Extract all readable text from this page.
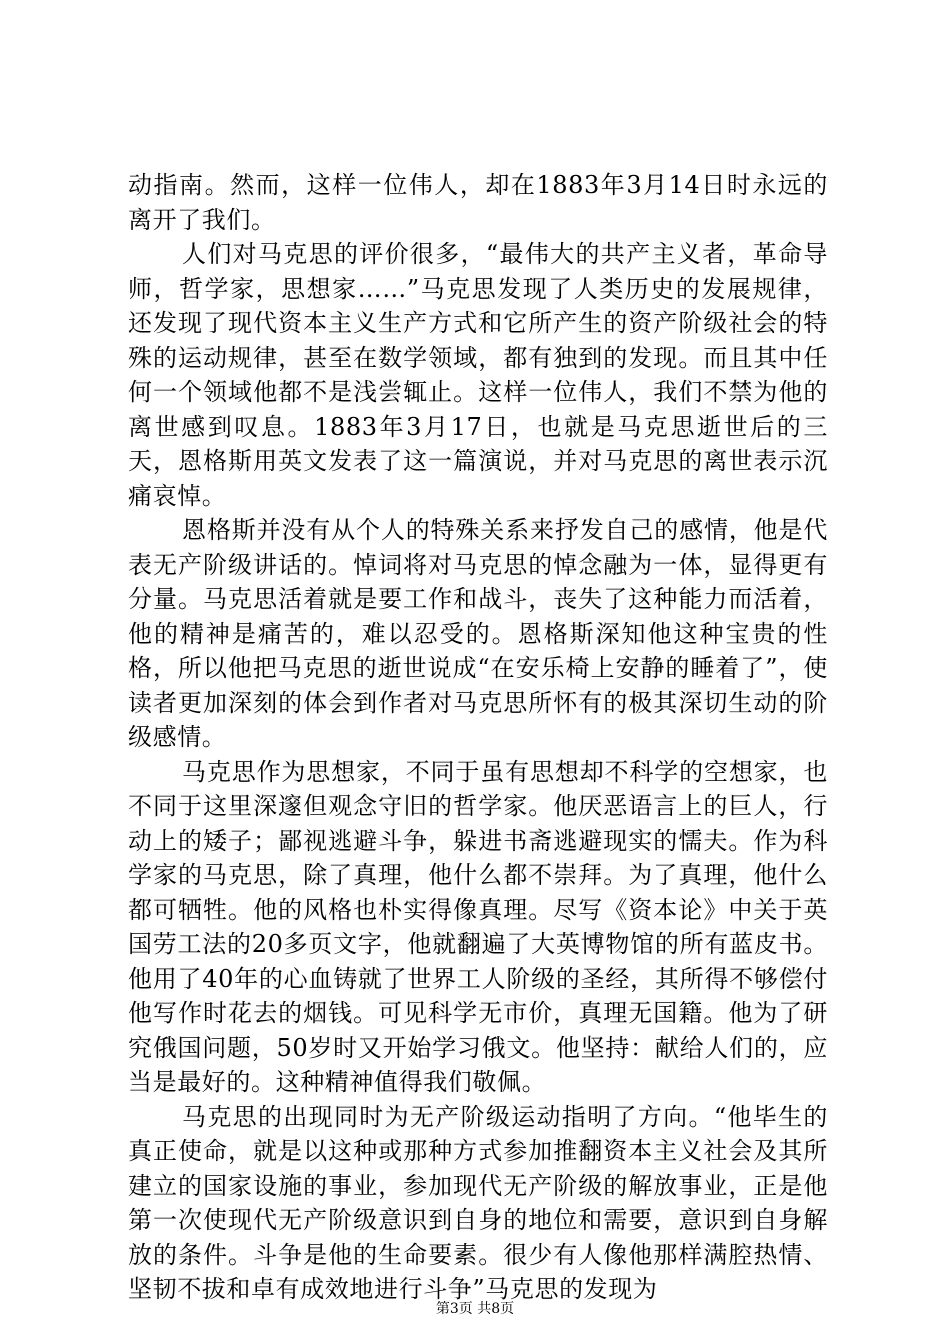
动指南。然而，这样一位伟人，却在1883年3月14日时永远的离开了我们。

人们对马克思的评价很多，“最伟大的共产主义者，革命导师，哲学家，思想家……”马克思发现了人类历史的发展规律，还发现了现代资本主义生产方式和它所产生的资产阶级社会的特殊的运动规律，甚至在数学领域，都有独到的发现。而且其中任何一个领域他都不是浅尝辄止。这样一位伟人，我们不禁为他的离世感到叹息。1883年3月17日，也就是马克思逝世后的三天，恩格斯用英文发表了这一篇演说，并对马克思的离世表示沉痛哀悼。

恩格斯并没有从个人的特殊关系来抒发自己的感情，他是代表无产阶级讲话的。悼词将对马克思的悼念融为一体，显得更有分量。马克思活着就是要工作和战斗，丧失了这种能力而活着，他的精神是痛苦的，难以忍受的。恩格斯深知他这种宝贵的性格，所以他把马克思的逝世说成“在安乐椅上安静的睡着了”，使读者更加深刻的体会到作者对马克思所怀有的极其深切生动的阶级感情。

马克思作为思想家，不同于虽有思想却不科学的空想家，也不同于这里深邃但观念守旧的哲学家。他厌恶语言上的巨人，行动上的矮子；鄙视逃避斗争，躲进书斋逃避现实的懦夫。作为科学家的马克思，除了真理，他什么都不崇拜。为了真理，他什么都可牺牲。他的风格也朴实得像真理。尽写《资本论》中关于英国劳工法的20多页文字，他就翻遍了大英博物馆的所有蓝皮书。他用了40年的心血铸就了世界工人阶级的圣经，其所得不够偿付他写作时花去的烟钱。可见科学无市价，真理无国籍。他为了研究俄国问题，50岁时又开始学习俄文。他坚持：献给人们的，应当是最好的。这种精神值得我们敬佩。

马克思的出现同时为无产阶级运动指明了方向。“他毕生的真正使命，就是以这种或那种方式参加推翻资本主义社会及其所建立的国家设施的事业，参加现代无产阶级的解放事业，正是他第一次使现代无产阶级意识到自身的地位和需要，意识到自身解放的条件。斗争是他的生命要素。很少有人像他那样满腔热情、坚韧不拔和卓有成效地进行斗争”马克思的发现为

第3页 共8页
